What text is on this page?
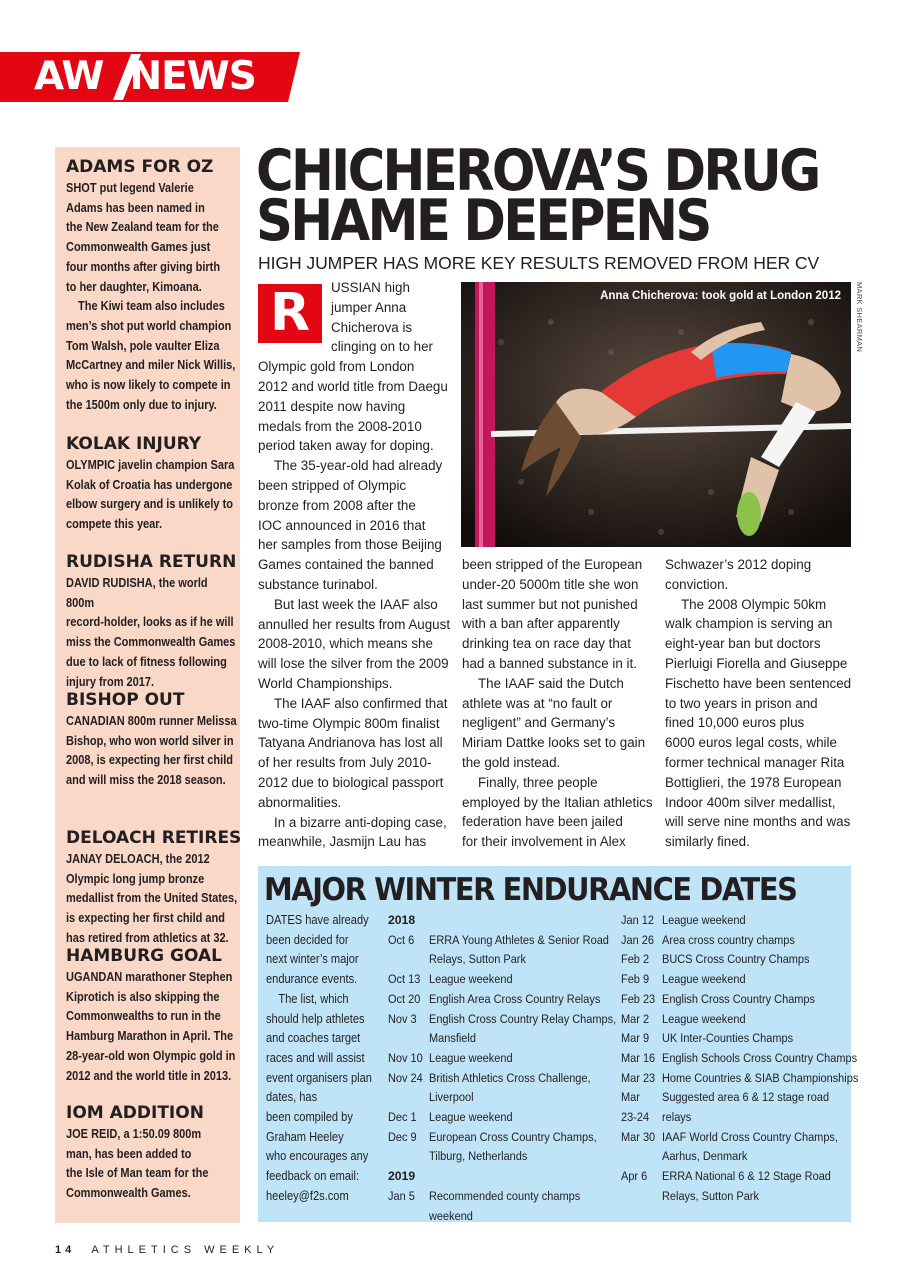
AW NEWS
ADAMS FOR OZ

SHOT put legend Valerie

Adams has been named in

the New Zealand team for the

Commonwealth Games just

four months after giving birth

to her daughter, Kimoana.

The Kiwi team also includes

men’s shot put world champion

Tom Walsh, pole vaulter Eliza

McCartney and miler Nick Willis,

who is now likely to compete in

the 1500m only due to injury.

KOLAK INJURY

OLYMPIC javelin champion Sara

Kolak of Croatia has undergone

elbow surgery and is unlikely to

compete this year.

RUDISHA RETURN

DAVID RUDISHA, the world 800m

record-holder, looks as if he will

miss the Commonwealth Games

due to lack of fitness following

injury from 2017.

BISHOP OUT

CANADIAN 800m runner Melissa

Bishop, who won world silver in

2008, is expecting her first child

and will miss the 2018 season.

DELOACH RETIRES

JANAY DELOACH, the 2012

Olympic long jump bronze

medallist from the United States,

is expecting her first child and

has retired from athletics at 32.

HAMBURG GOAL

UGANDAN marathoner Stephen

Kiprotich is also skipping the

Commonwealths to run in the

Hamburg Marathon in April. The

28-year-old won Olympic gold in

2012 and the world title in 2013.

IOM ADDITION

JOE REID, a 1:50.09 800m

man, has been added to

the Isle of Man team for the

Commonwealth Games.

CHICHEROVA’S DRUG
SHAME DEEPENS
HIGH JUMPER HAS MORE KEY RESULTS REMOVED FROM HER CV
Anna Chicherova: took gold at London 2012 MARK SHEARMAN
R	USSIAN high

jumper Anna

Chicherova is

clinging on to her

Olympic gold from London

2012 and world title from Daegu

2011 despite now having

medals from the 2008-2010

period taken away for doping.

The 35-year-old had already

been stripped of Olympic

bronze from 2008 after the

IOC announced in 2016 that

her samples from those Beijing

Games contained the banned

substance turinabol.

But last week the IAAF also

annulled her results from August

2008-2010, which means she

will lose the silver from the 2009

World Championships.

The IAAF also confirmed that

two-time Olympic 800m finalist

Tatyana Andrianova has lost all

of her results from July 2010-

2012 due to biological passport

abnormalities.

In a bizarre anti-doping case,

meanwhile, Jasmijn Lau has

been stripped of the European

under-20 5000m title she won

last summer but not punished

with a ban after apparently

drinking tea on race day that

had a banned substance in it.

The IAAF said the Dutch

athlete was at “no fault or

negligent” and Germany’s

Miriam Dattke looks set to gain

the gold instead.

Finally, three people

employed by the Italian athletics

federation have been jailed

for their involvement in Alex

Schwazer’s 2012 doping

conviction.

The 2008 Olympic 50km

walk champion is serving an

eight-year ban but doctors

Pierluigi Fiorella and Giuseppe

Fischetto have been sentenced

to two years in prison and

fined 10,000 euros plus

6000 euros legal costs, while

former technical manager Rita

Bottiglieri, the 1978 European

Indoor 400m silver medallist,

will serve nine months and was

similarly fined.

MAJOR WINTER ENDURANCE DATES

DATES have already

been decided for

next winter’s major

endurance events.

The list, which

should help athletes

and coaches target

races and will assist

event organisers plan

dates, has

been compiled by

Graham Heeley

who encourages any

feedback on email:

heeley@f2s.com

2018
Oct 6 ERRA Young Athletes & Senior Road
Relays, Sutton Park
Oct 13 League weekend
Oct 20 English Area Cross Country Relays
Nov 3 English Cross Country Relay Champs,
Mansfield
Nov 10 League weekend
Nov 24 British Athletics Cross Challenge,
Liverpool
Dec 1 League weekend
Dec 9 European Cross Country Champs,
Tilburg, Netherlands
2019
Jan 5 Recommended county champs
weekend
Jan 12 League weekend
Jan 26 Area cross country champs
Feb 2 BUCS Cross Country Champs
Feb 9 League weekend
Feb 23 English Cross Country Champs
Mar 2 League weekend
Mar 9 UK Inter-Counties Champs
Mar 16 English Schools Cross Country Champs
Mar 23 Home Countries & SIAB Championships
Mar
23-24
Suggested area 6 & 12 stage road
relays
Mar 30 IAAF World Cross Country Champs,
Aarhus, Denmark
Apr 6 ERRA National 6 & 12 Stage Road
Relays, Sutton Park
14 ATHLETICS WEEKLY
